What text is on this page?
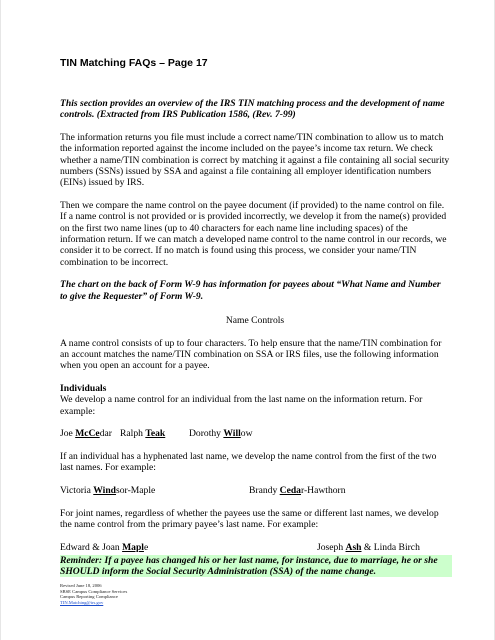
TIN Matching FAQs – Page 17

This section provides an overview of the IRS TIN matching process and the development of name controls. (Extracted from IRS Publication 1586, (Rev. 7-99)

The information returns you file must include a correct name/TIN combination to allow us to match the information reported against the income included on the payee’s income tax return. We check whether a name/TIN combination is correct by matching it against a file containing all social security numbers (SSNs) issued by SSA and against a file containing all employer identification numbers (EINs) issued by IRS.

Then we compare the name control on the payee document (if provided) to the name control on file. If a name control is not provided or is provided incorrectly, we develop it from the name(s) provided on the first two name lines (up to 40 characters for each name line including spaces) of the information return. If we can match a developed name control to the name control in our records, we consider it to be correct. If no match is found using this process, we consider your name/TIN combination to be incorrect.

The chart on the back of Form W-9 has information for payees about “What Name and Number to give the Requester” of Form W-9.

Name Controls

A name control consists of up to four characters. To help ensure that the name/TIN combination for an account matches the name/TIN combination on SSA or IRS files, use the following information when you open an account for a payee.

Individuals

We develop a name control for an individual from the last name on the information return. For example:

Joe McCedar Ralph Teak Dorothy Willow

If an individual has a hyphenated last name, we develop the name control from the first of the two last names. For example:

Victoria Windsor-Maple	Brandy Cedar-Hawthorn

For joint names, regardless of whether the payees use the same or different last names, we develop the name control from the primary payee’s last name. For example:

Edward & Joan Maple	Joseph Ash & Linda Birch

Reminder: If a payee has changed his or her last name, for instance, due to marriage, he or she SHOULD inform the Social Security Administration (SSA) of the name change.

Revised June 18, 2006
SBSE Campus Compliance Services
Campus Reporting Compliance
TIN.Matching@irs.gov
